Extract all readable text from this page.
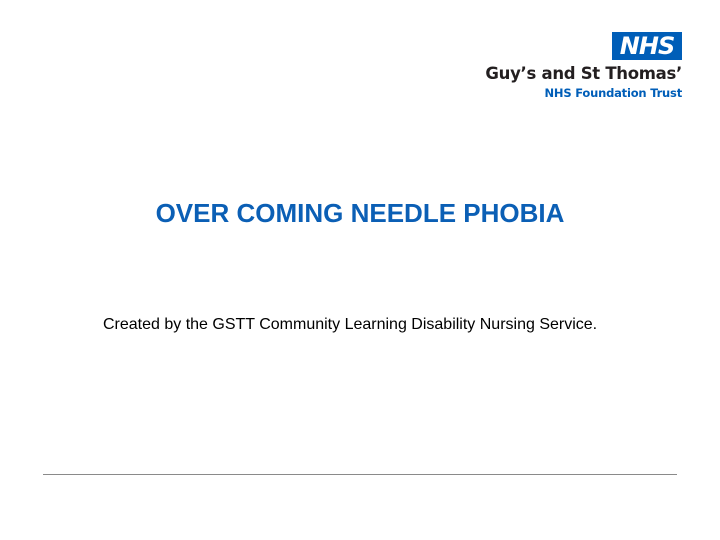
NHS
Guy’s and St Thomas’
NHS Foundation Trust
OVER COMING NEEDLE PHOBIA
Created by the GSTT Community Learning Disability Nursing Service.
